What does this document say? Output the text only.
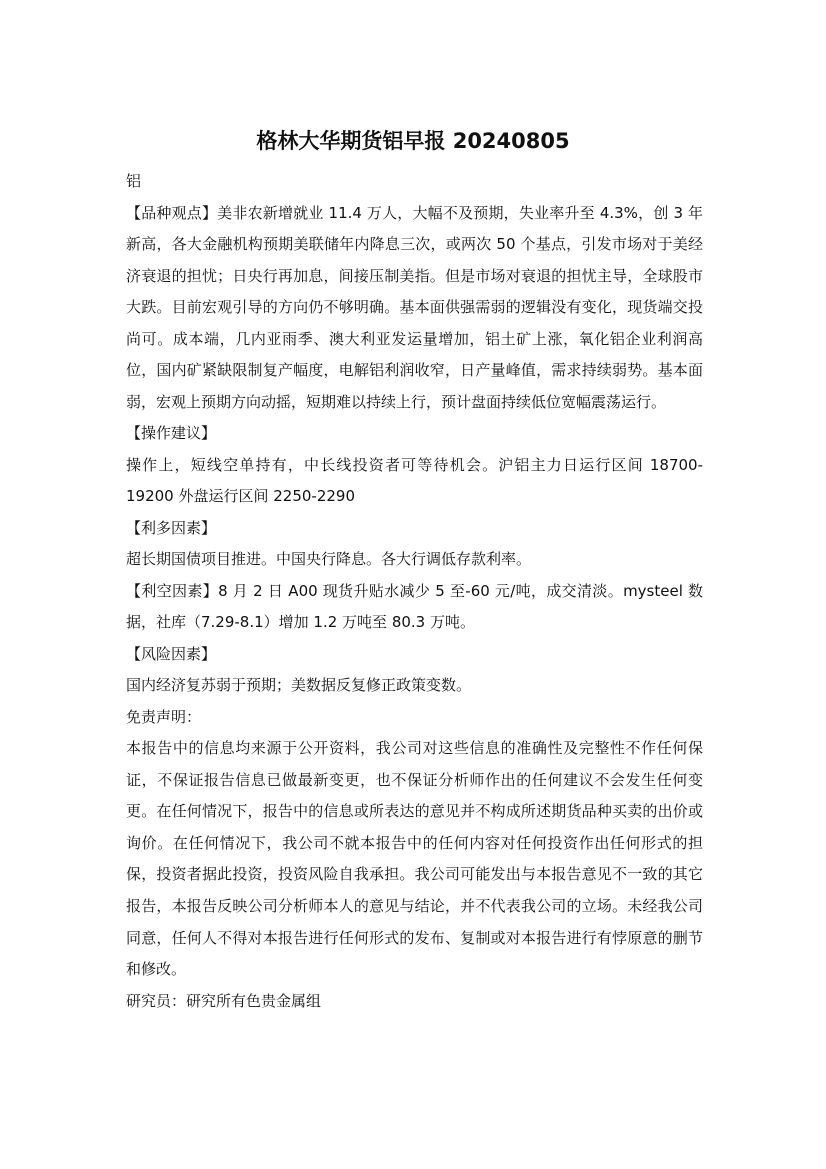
格林大华期货铝早报 20240805

铝

【品种观点】美非农新增就业 11.4 万人，大幅不及预期，失业率升至 4.3%，创 3 年新高，各大金融机构预期美联储年内降息三次，或两次 50 个基点，引发市场对于美经济衰退的担忧；日央行再加息，间接压制美指。但是市场对衰退的担忧主导，全球股市大跌。目前宏观引导的方向仍不够明确。基本面供强需弱的逻辑没有变化，现货端交投尚可。成本端，几内亚雨季、澳大利亚发运量增加，铝土矿上涨，氧化铝企业利润高位，国内矿紧缺限制复产幅度，电解铝利润收窄，日产量峰值，需求持续弱势。基本面弱，宏观上预期方向动摇，短期难以持续上行，预计盘面持续低位宽幅震荡运行。

【操作建议】

操作上，短线空单持有，中长线投资者可等待机会。沪铝主力日运行区间 18700-19200 外盘运行区间 2250-2290

【利多因素】

超长期国债项目推进。中国央行降息。各大行调低存款利率。

【利空因素】8 月 2 日 A00 现货升贴水减少 5 至-60 元/吨，成交清淡。mysteel 数据，社库（7.29-8.1）增加 1.2 万吨至 80.3 万吨。

【风险因素】

国内经济复苏弱于预期；美数据反复修正政策变数。

免责声明：

本报告中的信息均来源于公开资料，我公司对这些信息的准确性及完整性不作任何保证，不保证报告信息已做最新变更，也不保证分析师作出的任何建议不会发生任何变更。在任何情况下，报告中的信息或所表达的意见并不构成所述期货品种买卖的出价或询价。在任何情况下，我公司不就本报告中的任何内容对任何投资作出任何形式的担保，投资者据此投资，投资风险自我承担。我公司可能发出与本报告意见不一致的其它报告，本报告反映公司分析师本人的意见与结论，并不代表我公司的立场。未经我公司同意，任何人不得对本报告进行任何形式的发布、复制或对本报告进行有悖原意的删节和修改。

研究员：研究所有色贵金属组
